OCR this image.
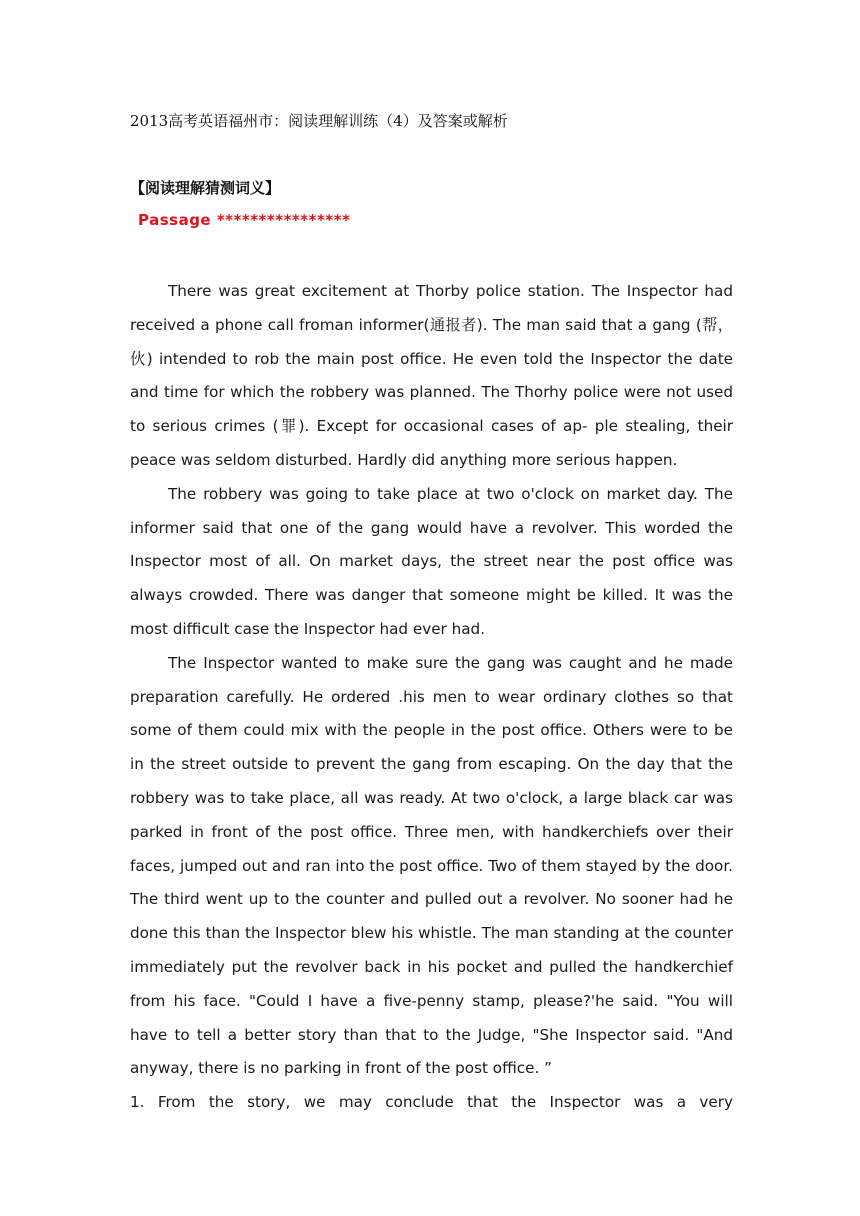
2013高考英语福州市：阅读理解训练（4）及答案或解析
【阅读理解猜测词义】
Passage ****************

There was great excitement at Thorby police station. The Inspector had received a phone call froman informer(通报者). The man said that a gang (帮，伙) intended to rob the main post office. He even told the Inspector the date and time for which the robbery was planned. The Thorhy police were not used to serious crimes (罪). Except for occasional cases of ap- ple stealing, their peace was seldom disturbed. Hardly did anything more serious happen.

The robbery was going to take place at two o'clock on market day. The informer said that one of the gang would have a revolver. This worded the Inspector most of all. On market days, the street near the post office was always crowded. There was danger that someone might be killed. It was the most difficult case the Inspector had ever had.

The Inspector wanted to make sure the gang was caught and he made preparation carefully. He ordered .his men to wear ordinary clothes so that some of them could mix with the people in the post office. Others were to be in the street outside to prevent the gang from escaping. On the day that the robbery was to take place, all was ready. At two o'clock, a large black car was parked in front of the post office. Three men, with handkerchiefs over their faces, jumped out and ran into the post office. Two of them stayed by the door. The third went up to the counter and pulled out a revolver. No sooner had he done this than the Inspector blew his whistle. The man standing at the counter immediately put the revolver back in his pocket and pulled the handkerchief from his face. "Could I have a five-penny stamp, please?'he said. "You will have to tell a better story than that to the Judge, "She Inspector said. "And anyway, there is no parking in front of the post office. ”

1. From the story, we may conclude that the Inspector was a very
